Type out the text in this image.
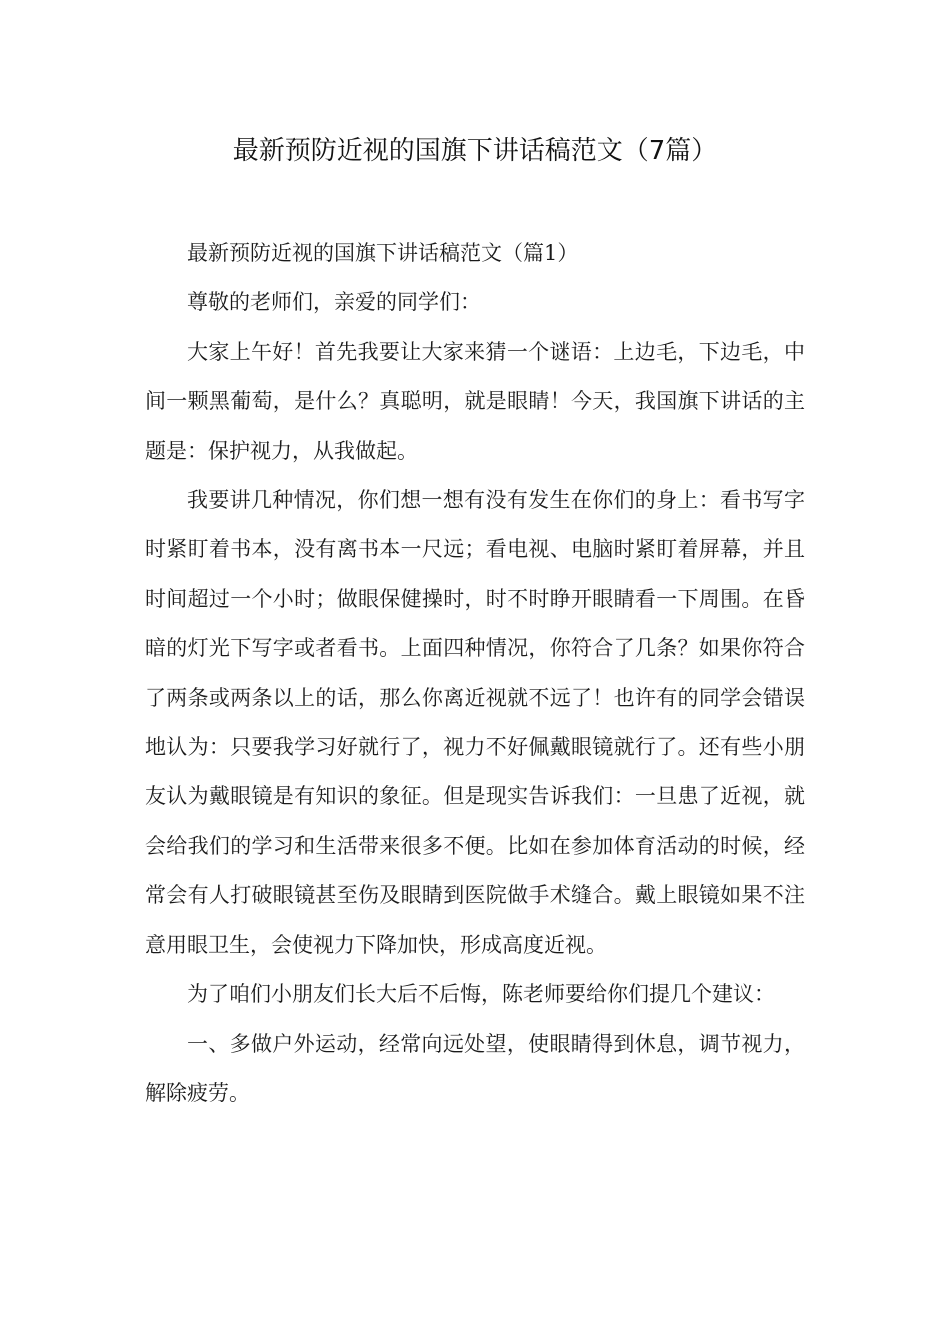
最新预防近视的国旗下讲话稿范文（7篇）

最新预防近视的国旗下讲话稿范文（篇1）

尊敬的老师们，亲爱的同学们：

大家上午好！首先我要让大家来猜一个谜语：上边毛，下边毛，中间一颗黑葡萄，是什么？真聪明，就是眼睛！今天，我国旗下讲话的主题是：保护视力，从我做起。

我要讲几种情况，你们想一想有没有发生在你们的身上：看书写字时紧盯着书本，没有离书本一尺远；看电视、电脑时紧盯着屏幕，并且时间超过一个小时；做眼保健操时，时不时睁开眼睛看一下周围。在昏暗的灯光下写字或者看书。上面四种情况，你符合了几条？如果你符合了两条或两条以上的话，那么你离近视就不远了！也许有的同学会错误地认为：只要我学习好就行了，视力不好佩戴眼镜就行了。还有些小朋友认为戴眼镜是有知识的象征。但是现实告诉我们：一旦患了近视，就会给我们的学习和生活带来很多不便。比如在参加体育活动的时候，经常会有人打破眼镜甚至伤及眼睛到医院做手术缝合。戴上眼镜如果不注意用眼卫生，会使视力下降加快，形成高度近视。

为了咱们小朋友们长大后不后悔，陈老师要给你们提几个建议：

一、多做户外运动，经常向远处望，使眼睛得到休息，调节视力，解除疲劳。
